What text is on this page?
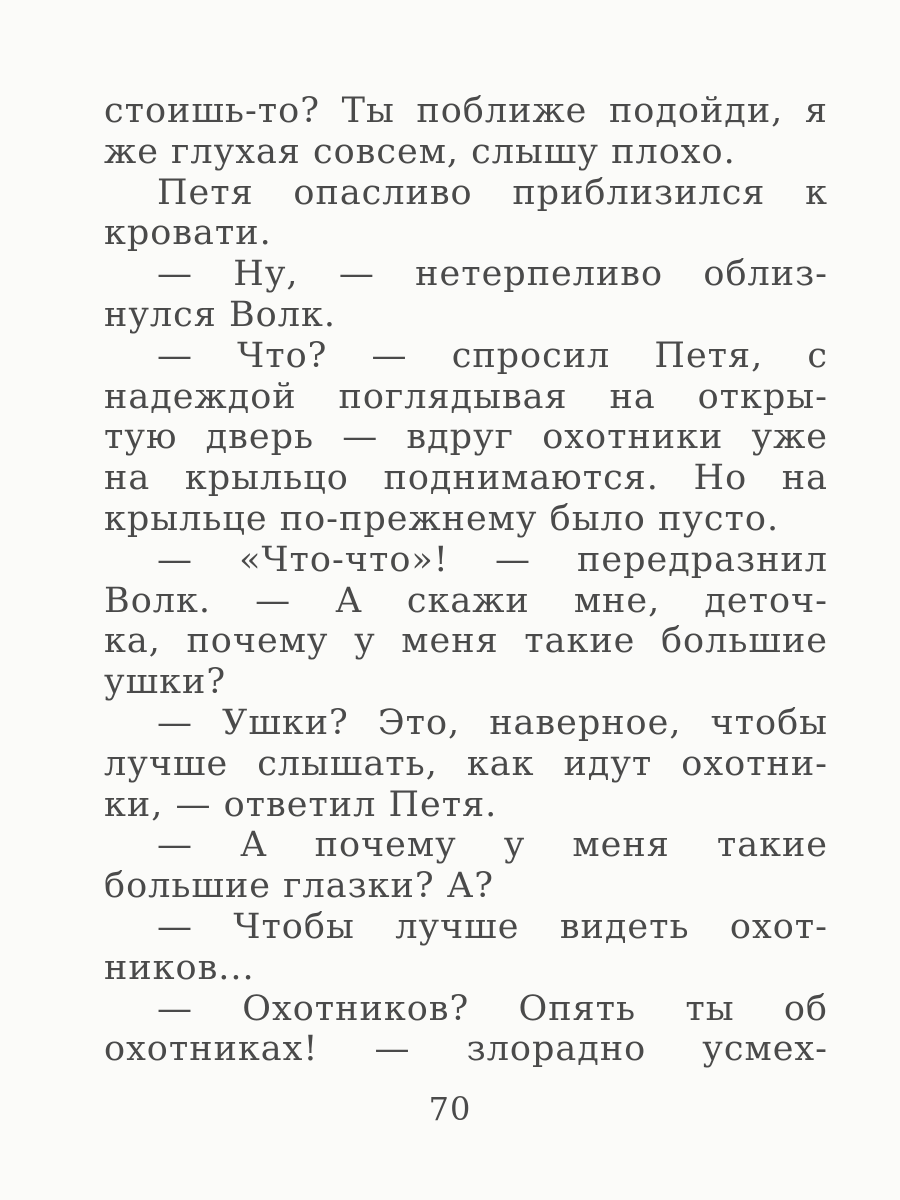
стоишь-то? Ты поближе подойди, я
же глухая совсем, слышу плохо.
Петя опасливо приблизился к
кровати.
— Ну, — нетерпеливо облиз-
нулся Волк.
— Что? — спросил Петя, с
надеждой поглядывая на откры-
тую дверь — вдруг охотники уже
на крыльцо поднимаются. Но на
крыльце по-прежнему было пусто.
— «Что-что»! — передразнил
Волк. — А скажи мне, деточ-
ка, почему у меня такие большие
ушки?
— Ушки? Это, наверное, чтобы
лучше слышать, как идут охотни-
ки, — ответил Петя.
— А почему у меня такие
большие глазки? А?
— Чтобы лучше видеть охот-
ников...
— Охотников? Опять ты об
охотниках! — злорадно усмех-
70
